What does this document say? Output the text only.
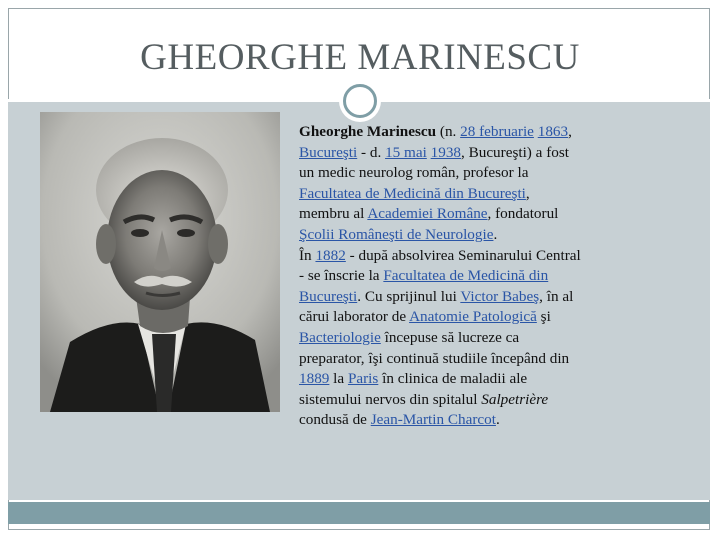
GHEORGHE MARINESCU
Gheorghe Marinescu (n. 28 februarie 1863,
Bucureşti - d. 15 mai 1938, Bucureşti) a fost
un medic neurolog român, profesor la
Facultatea de Medicină din Bucureşti,
membru al Academiei Române, fondatorul
Şcolii Româneşti de Neurologie.
În 1882 - după absolvirea Seminarului Central
- se înscrie la Facultatea de Medicină din
Bucureşti. Cu sprijinul lui Victor Babeş, în al
cărui laborator de Anatomie Patologică şi
Bacteriologie începuse să lucreze ca
preparator, îşi continuă studiile începând din
1889 la Paris în clinica de maladii ale
sistemului nervos din spitalul Salpetrière
condusă de Jean-Martin Charcot.
